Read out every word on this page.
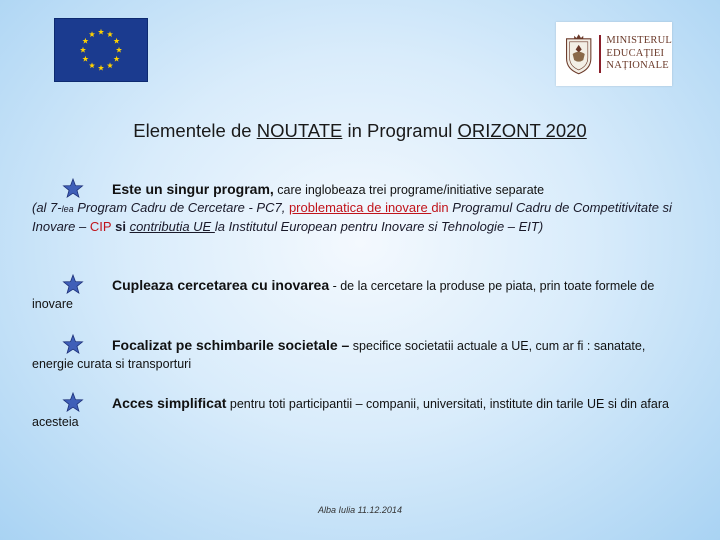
MINISTERUL
EDUCAȚIEI
NAȚIONALE
Elementele de NOUTATE in Programul ORIZONT 2020
Este un singur program, care inglobeaza trei programe/initiative separate
(al 7-lea Program Cadru de Cercetare - PC7, problematica de inovare din Programul Cadru de Competitivitate si Inovare – CIP si contributia UE la Institutul European pentru Inovare si Tehnologie – EIT)
Cupleaza cercetarea cu inovarea - de la cercetare la produse pe piata, prin toate formele de inovare
Focalizat pe schimbarile societale – specifice societatii actuale a UE, cum ar fi : sanatate, energie curata si transporturi
Acces simplificat pentru toti participantii – companii, universitati, institute din tarile UE si din afara acesteia
Alba Iulia 11.12.2014
